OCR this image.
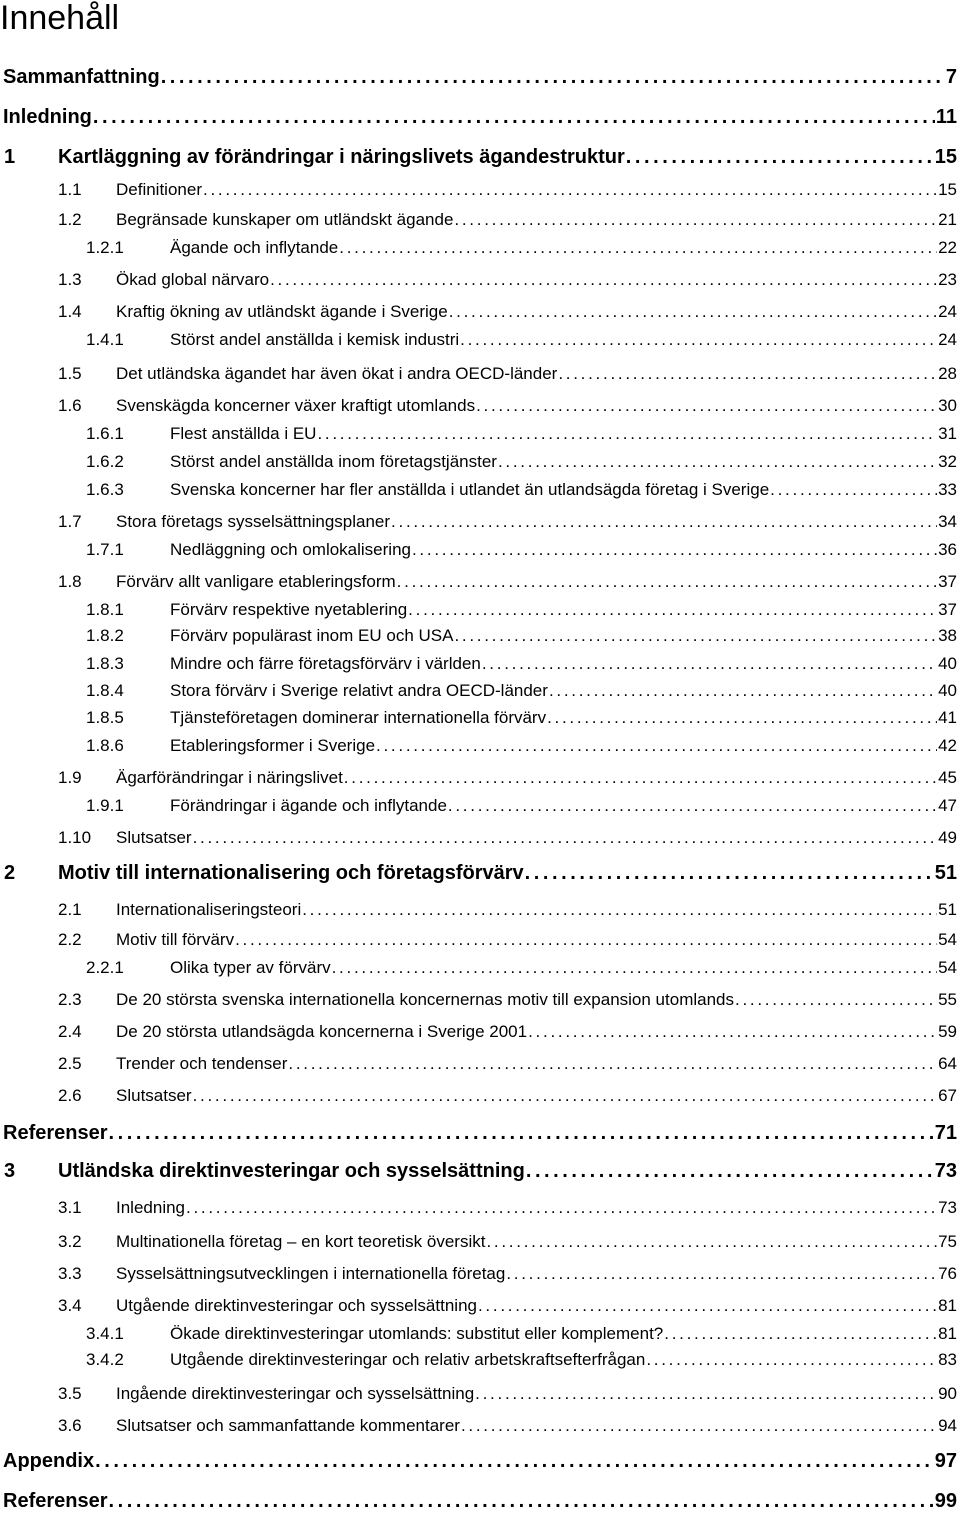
Innehåll
Sammanfattning . . .	7
Inledning . . .	11
1	Kartläggning av förändringar i näringslivets ägandestruktur . . .	15
1.1	Definitioner . . .	15
1.2	Begränsade kunskaper om utländskt ägande . . .	21
1.2.1	Ägande och inflytande . . .	22
1.3	Ökad global närvaro . . .	23
1.4	Kraftig ökning av utländskt ägande i Sverige . . .	24
1.4.1	Störst andel anställda i kemisk industri . . .	24
1.5	Det utländska ägandet har även ökat i andra OECD-länder . . .	28
1.6	Svenskägda koncerner växer kraftigt utomlands . . .	30
1.6.1	Flest anställda i EU . . .	31
1.6.2	Störst andel anställda inom företagstjänster . . .	32
1.6.3	Svenska koncerner har fler anställda i utlandet än utlandsägda företag i Sverige . . .	33
1.7	Stora företags sysselsättningsplaner . . .	34
1.7.1	Nedläggning och omlokalisering . . .	36
1.8	Förvärv allt vanligare etableringsform . . .	37
1.8.1	Förvärv respektive nyetablering . . .	37
1.8.2	Förvärv populärast inom EU och USA . . .	38
1.8.3	Mindre och färre företagsförvärv i världen . . .	40
1.8.4	Stora förvärv i Sverige relativt andra OECD-länder . . .	40
1.8.5	Tjänsteföretagen dominerar internationella förvärv . . .	41
1.8.6	Etableringsformer i Sverige . . .	42
1.9	Ägarförändringar i näringslivet . . .	45
1.9.1	Förändringar i ägande och inflytande . . .	47
1.10	Slutsatser . . .	49
2	Motiv till internationalisering och företagsförvärv . . .	51
2.1	Internationaliseringsteori . . .	51
2.2	Motiv till förvärv . . .	54
2.2.1	Olika typer av förvärv . . .	54
2.3	De 20 största svenska internationella koncernernas motiv till expansion utomlands . . .	55
2.4	De 20 största utlandsägda koncernerna i Sverige 2001 . . .	59
2.5	Trender och tendenser . . .	64
2.6	Slutsatser . . .	67
Referenser . . .	71
3	Utländska direktinvesteringar och sysselsättning . . .	73
3.1	Inledning . . .	73
3.2	Multinationella företag – en kort teoretisk översikt . . .	75
3.3	Sysselsättningsutvecklingen i internationella företag . . .	76
3.4	Utgående direktinvesteringar och sysselsättning . . .	81
3.4.1	Ökade direktinvesteringar utomlands: substitut eller komplement? . . .	81
3.4.2	Utgående direktinvesteringar och relativ arbetskraftsefterfrågan . . .	83
3.5	Ingående direktinvesteringar och sysselsättning . . .	90
3.6	Slutsatser och sammanfattande kommentarer . . .	94
Appendix . . .	97
Referenser . . .	99
